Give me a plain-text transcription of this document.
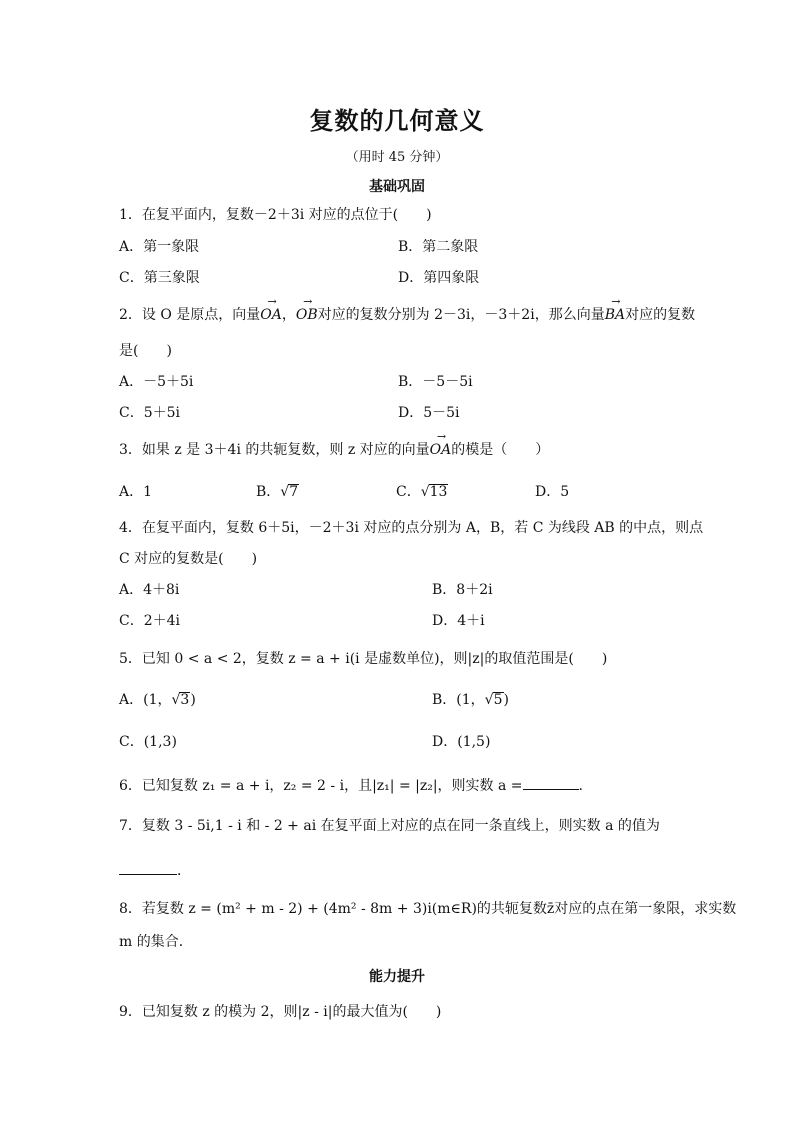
复数的几何意义
（用时 45 分钟）
基础巩固
1．在复平面内，复数－2＋3i 对应的点位于(　　)
A．第一象限	B．第二象限
C．第三象限	D．第四象限
2．设 O 是原点，向量→ OA，→ OB对应的复数分别为 2－3i，－3＋2i，那么向量→ BA对应的复数
是(　　)
A．－5＋5i	B．－5－5i
C．5＋5i	D．5－5i
3．如果 z 是 3＋4i 的共轭复数，则 z 对应的向量→ OA的模是（　　）
A．1	B．√7	C．√13	D．5
4．在复平面内，复数 6＋5i，－2＋3i 对应的点分别为 A，B，若 C 为线段 AB 的中点，则点
C 对应的复数是(　　)
A．4＋8i	B．8＋2i
C．2＋4i	D．4＋i
5．已知 0 < a < 2，复数 z = a + i(i 是虚数单位)，则|z|的取值范围是(　　)
A．(1，√3)	B．(1，√5)
C．(1,3)	D．(1,5)
6．已知复数 z₁ = a + i，z₂ = 2 - i，且|z₁| = |z₂|，则实数 a =	.
7．复数 3 - 5i,1 - i 和 - 2 + ai 在复平面上对应的点在同一条直线上，则实数 a 的值为
．
8．若复数 z = (m² + m - 2) + (4m² - 8m + 3)i(m∈R)的共轭复数z̄对应的点在第一象限，求实数
m 的集合．
能力提升
9．已知复数 z 的模为 2，则|z - i|的最大值为(　　)
